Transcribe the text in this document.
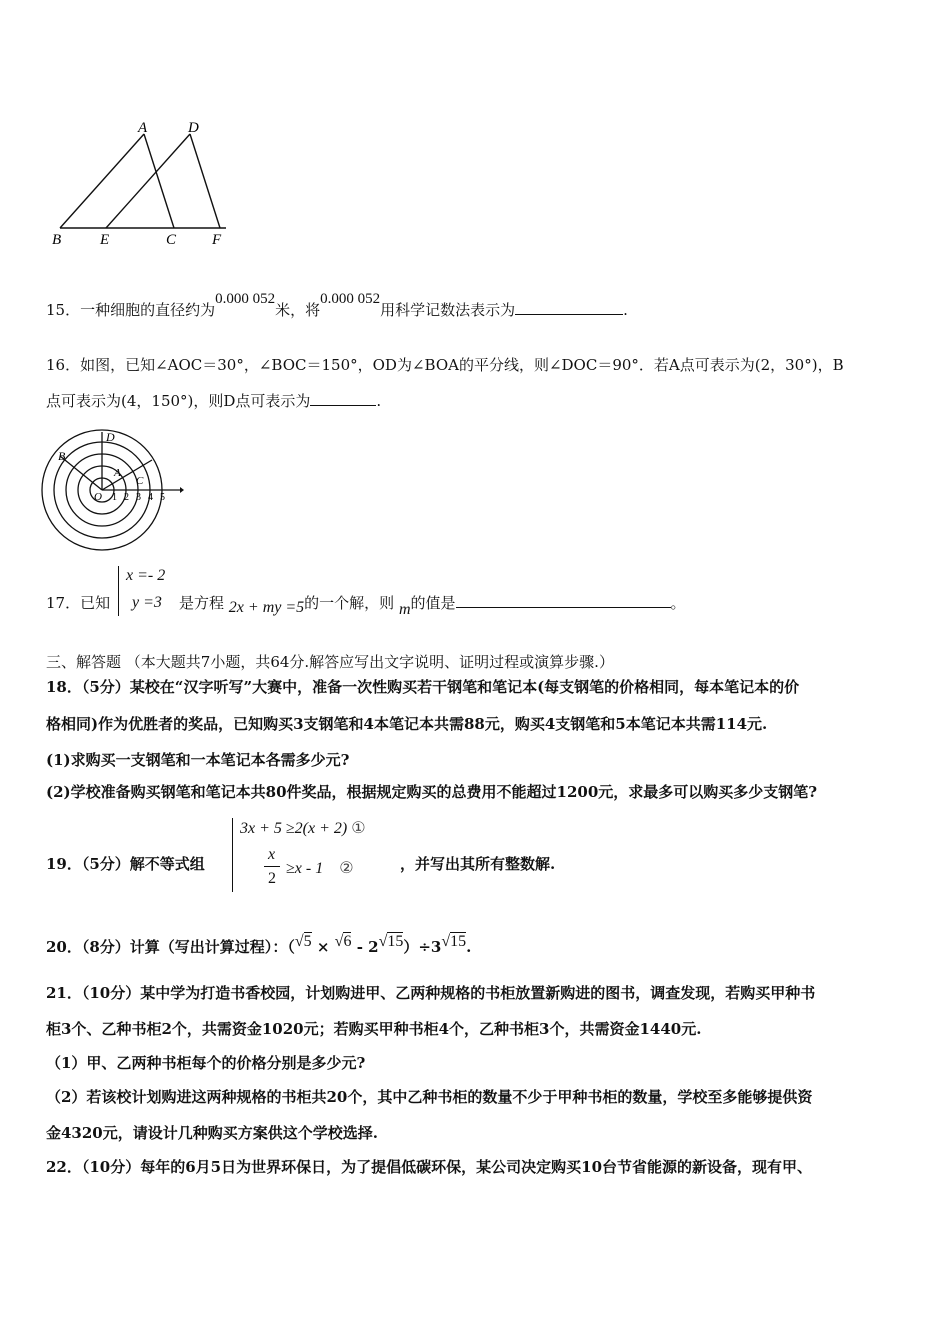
A	D
B	E	C F
15．一种细胞的直径约为0.000 052米，将0.000 052用科学记数法表示为	.
16．如图，已知∠AOC＝30°，∠BOC＝150°，OD为∠BOA的平分线，则∠DOC＝90°．若A点可表示为(2，30°)，B
点可表示为(4，150°)，则D点可表示为	.
D
B
A
C
O 1 2 3 4 5
17．已知
x =- 2
y =3 是方程 2x + my =5的一个解，则 m的值是	。
三、解答题 （本大题共7小题，共64分.解答应写出文字说明、证明过程或演算步骤.）
18．（5分）某校在“汉字听写”大赛中，准备一次性购买若干钢笔和笔记本(每支钢笔的价格相同，每本笔记本的价
格相同)作为优胜者的奖品，已知购买3支钢笔和4本笔记本共需88元，购买4支钢笔和5本笔记本共需114元.
(1)求购买一支钢笔和一本笔记本各需多少元?
(2)学校准备购买钢笔和笔记本共80件奖品，根据规定购买的总费用不能超过1200元，求最多可以购买多少支钢笔?
19．（5分）解不等式组
3x + 5 ≥2(x + 2) ①
x
2
≥x - 1 ②	，并写出其所有整数解.
20．（8分）计算（写出计算过程）：（√5 × √6 - 2√15）÷3√15.
21．（10分）某中学为打造书香校园，计划购进甲、乙两种规格的书柜放置新购进的图书，调查发现，若购买甲种书
柜3个、乙种书柜2个，共需资金1020元；若购买甲种书柜4个，乙种书柜3个，共需资金1440元.
（1）甲、乙两种书柜每个的价格分别是多少元?
（2）若该校计划购进这两种规格的书柜共20个，其中乙种书柜的数量不少于甲种书柜的数量，学校至多能够提供资
金4320元，请设计几种购买方案供这个学校选择.
22．（10分）每年的6月5日为世界环保日，为了提倡低碳环保，某公司决定购买10台节省能源的新设备，现有甲、
